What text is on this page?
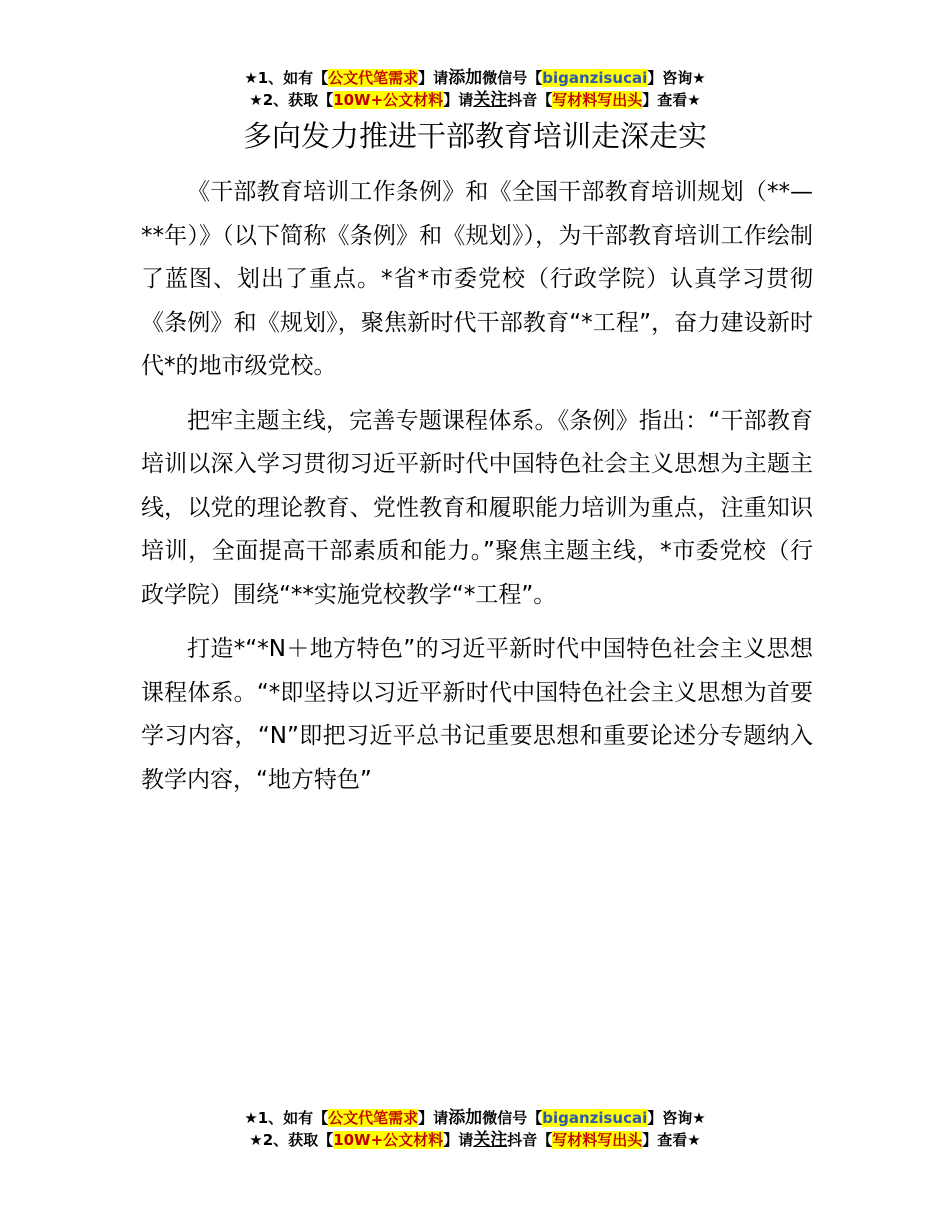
★1、如有【公文代笔需求】请添加微信号【biganzisucai】咨询★
★2、获取【10W+公文材料】请关注抖音【写材料写出头】查看★
多向发力推进干部教育培训走深走实

《干部教育培训工作条例》和《全国干部教育培训规划（**—**年）》（以下简称《条例》和《规划》），为干部教育培训工作绘制了蓝图、划出了重点。*省*市委党校（行政学院）认真学习贯彻《条例》和《规划》，聚焦新时代干部教育“*工程”，奋力建设新时代*的地市级党校。

把牢主题主线，完善专题课程体系。《条例》指出：“干部教育培训以深入学习贯彻习近平新时代中国特色社会主义思想为主题主线，以党的理论教育、党性教育和履职能力培训为重点，注重知识培训，全面提高干部素质和能力。”聚焦主题主线，*市委党校（行政学院）围绕“**实施党校教学“*工程”。

打造*“*N＋地方特色”的习近平新时代中国特色社会主义思想课程体系。“*即坚持以习近平新时代中国特色社会主义思想为首要学习内容，“N”即把习近平总书记重要思想和重要论述分专题纳入教学内容，“地方特色”

★1、如有【公文代笔需求】请添加微信号【biganzisucai】咨询★
★2、获取【10W+公文材料】请关注抖音【写材料写出头】查看★
